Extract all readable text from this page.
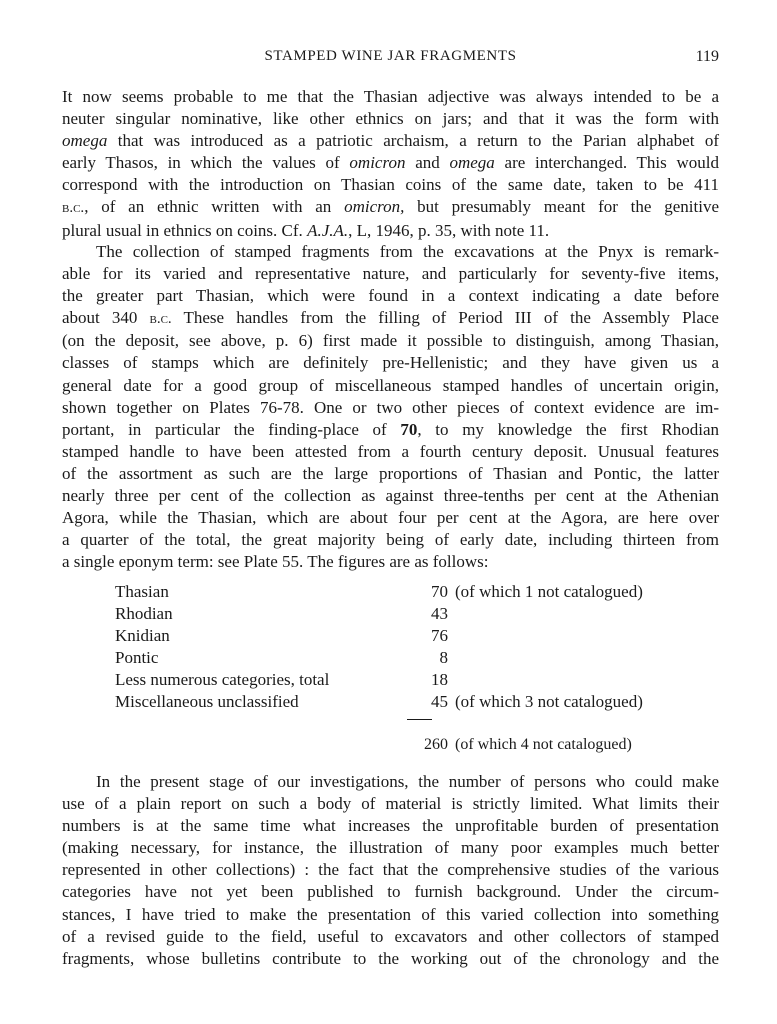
STAMPED WINE JAR FRAGMENTS	119
It now seems probable to me that the Thasian adjective was always intended to be a
neuter singular nominative, like other ethnics on jars; and that it was the form with
omega that was introduced as a patriotic archaism, a return to the Parian alphabet of
early Thasos, in which the values of omicron and omega are interchanged. This would
correspond with the introduction on Thasian coins of the same date, taken to be 411
b.c., of an ethnic written with an omicron, but presumably meant for the genitive
plural usual in ethnics on coins. Cf. A.J.A., L, 1946, p. 35, with note 11.
The collection of stamped fragments from the excavations at the Pnyx is remark-
able for its varied and representative nature, and particularly for seventy-five items,
the greater part Thasian, which were found in a context indicating a date before
about 340 b.c. These handles from the filling of Period III of the Assembly Place
(on the deposit, see above, p. 6) first made it possible to distinguish, among Thasian,
classes of stamps which are definitely pre-Hellenistic; and they have given us a
general date for a good group of miscellaneous stamped handles of uncertain origin,
shown together on Plates 76-78. One or two other pieces of context evidence are im-
portant, in particular the finding-place of 70, to my knowledge the first Rhodian
stamped handle to have been attested from a fourth century deposit. Unusual features
of the assortment as such are the large proportions of Thasian and Pontic, the latter
nearly three per cent of the collection as against three-tenths per cent at the Athenian
Agora, while the Thasian, which are about four per cent at the Agora, are here over
a quarter of the total, the great majority being of early date, including thirteen from
a single eponym term: see Plate 55. The figures are as follows:
Thasian	70 (of which 1 not catalogued)
Rhodian	43
Knidian	76
Pontic	8
Less numerous categories, total	18
Miscellaneous unclassified	45 (of which 3 not catalogued)
260 (of which 4 not catalogued)
In the present stage of our investigations, the number of persons who could make
use of a plain report on such a body of material is strictly limited. What limits their
numbers is at the same time what increases the unprofitable burden of presentation
(making necessary, for instance, the illustration of many poor examples much better
represented in other collections) : the fact that the comprehensive studies of the various
categories have not yet been published to furnish background. Under the circum-
stances, I have tried to make the presentation of this varied collection into something
of a revised guide to the field, useful to excavators and other collectors of stamped
fragments, whose bulletins contribute to the working out of the chronology and the
